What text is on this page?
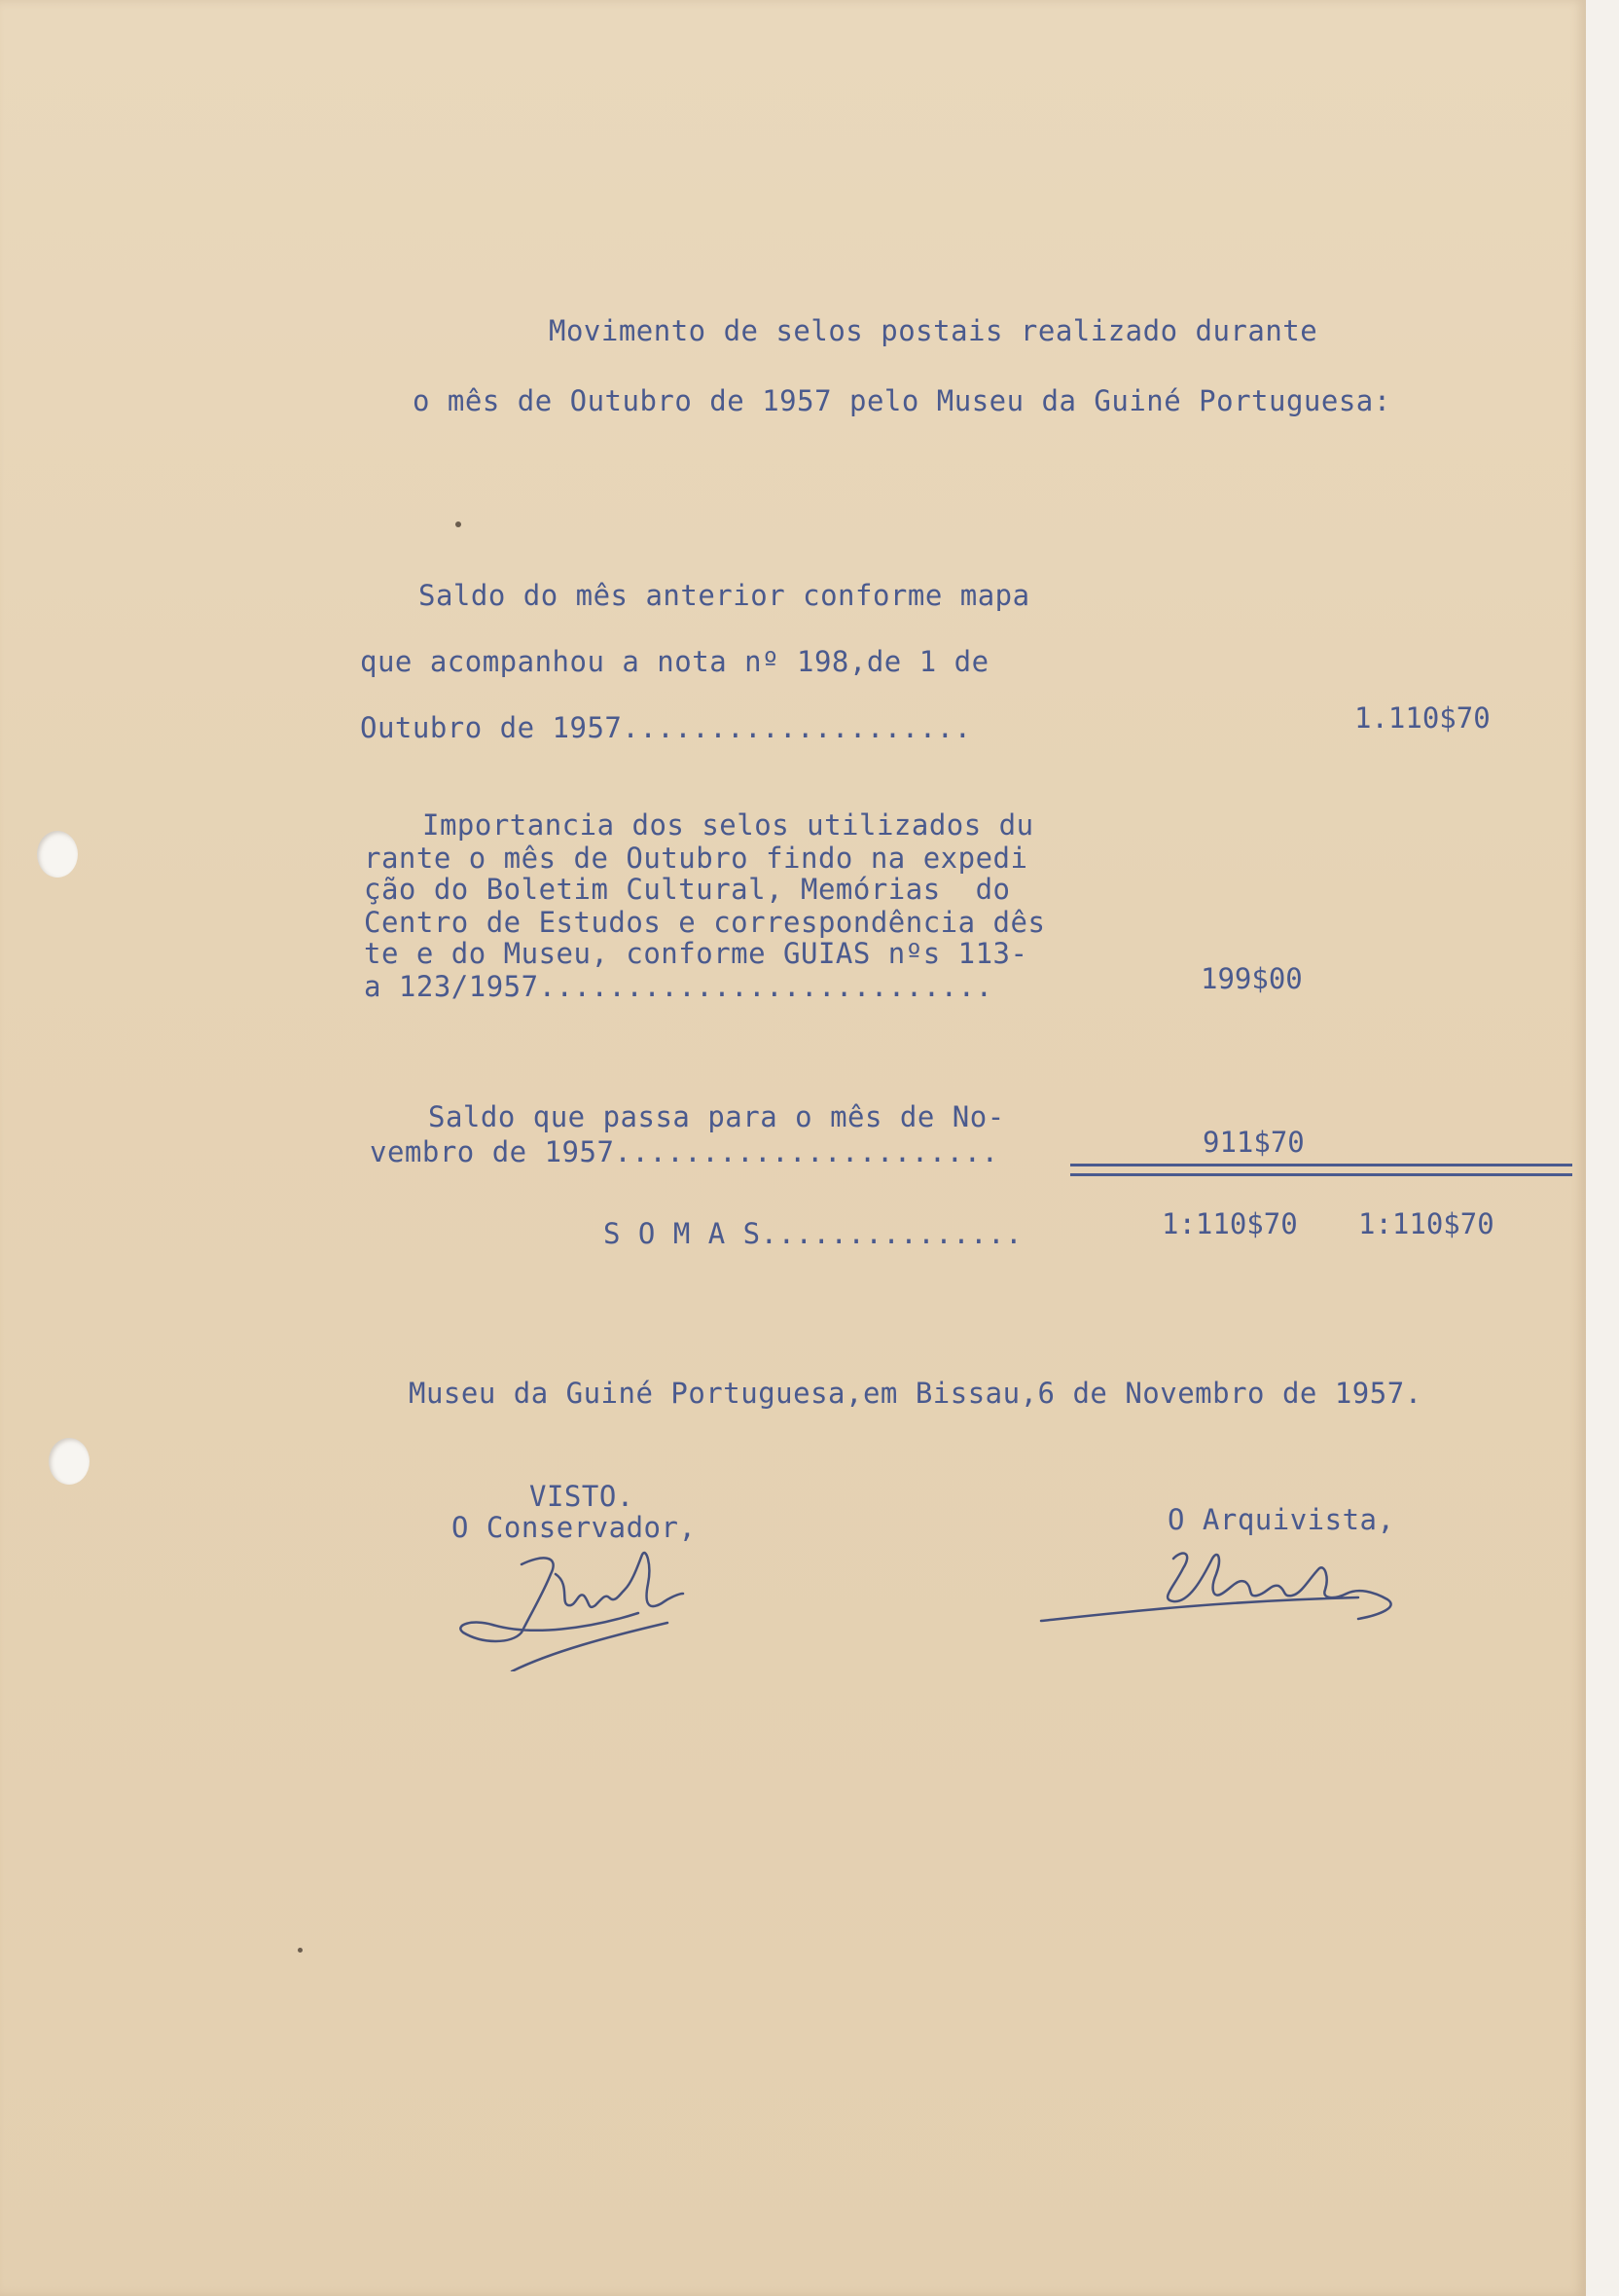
Movimento de selos postais realizado durante
o mês de Outubro de 1957 pelo Museu da Guiné Portuguesa:
Saldo do mês anterior conforme mapa
que acompanhou a nota nº 198,de 1 de
Outubro de 1957....................	1.110$70
Importancia dos selos utilizados du
rante o mês de Outubro findo na expedi
ção do Boletim Cultural, Memórias  do
Centro de Estudos e correspondência dês
te e do Museu, conforme GUIAS nºs 113-
a 123/1957..........................	199$00
Saldo que passa para o mês de No-
vembro de 1957......................	911$70
S O M A S...............	1:110$70 1:110$70
Museu da Guiné Portuguesa,em Bissau,6 de Novembro de 1957.
VISTO.
O Conservador,	O Arquivista,
